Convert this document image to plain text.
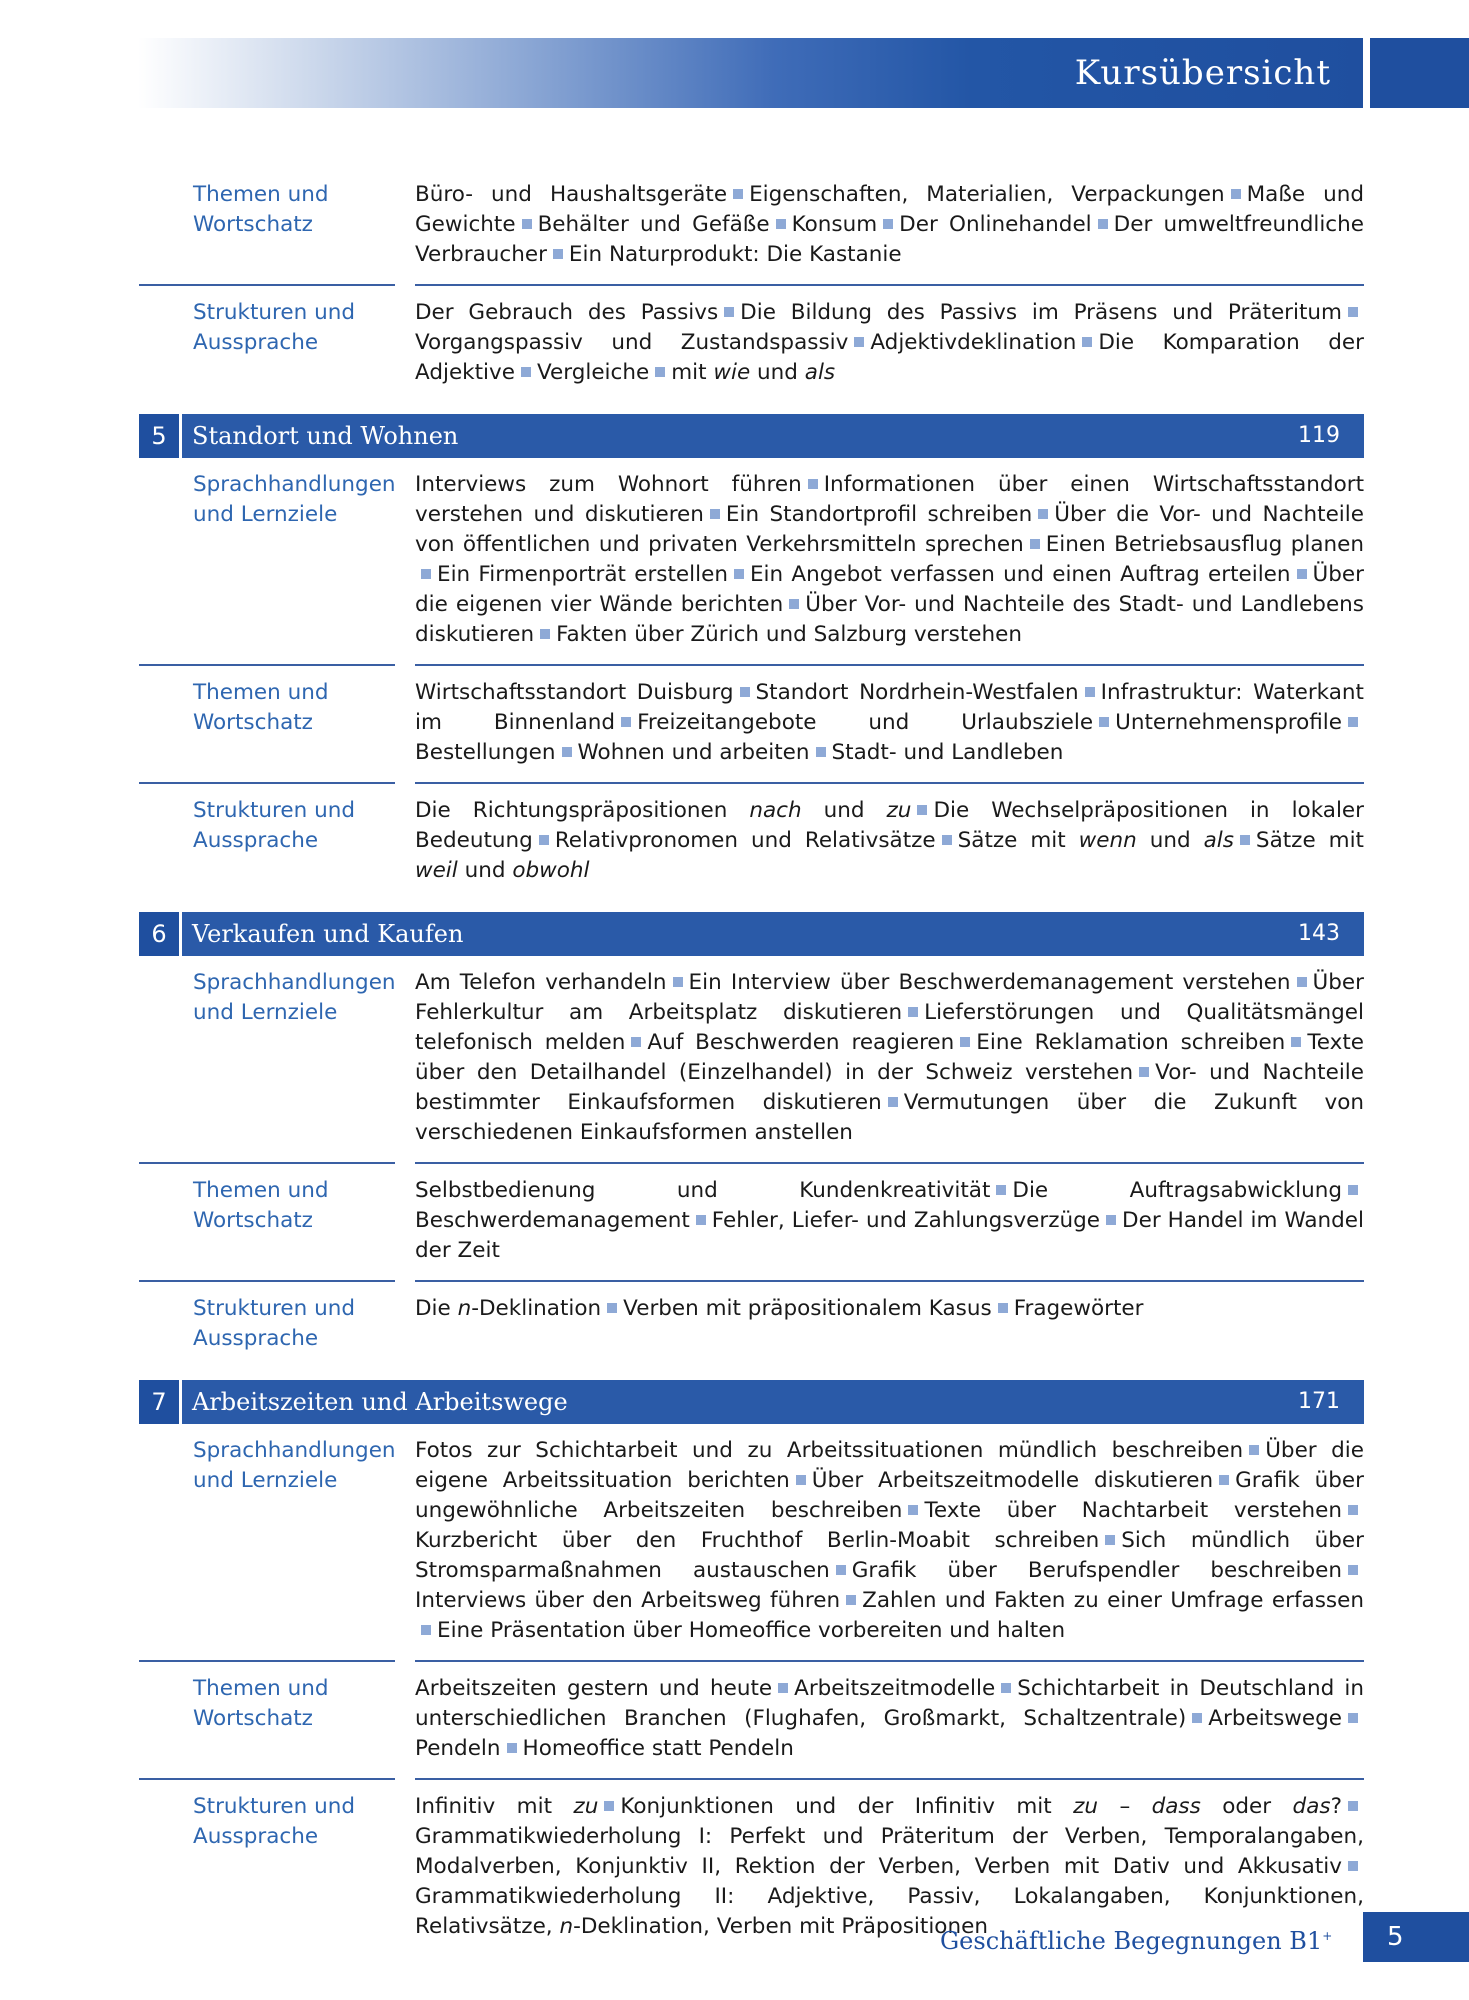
Kursübersicht
Themen und
Wortschatz
Büro- und Haushaltsgeräte Eigenschaften, Materialien, Verpackungen Maße und Gewichte Behälter und Gefäße Konsum Der Onlinehandel Der umweltfreundliche Verbraucher Ein Naturprodukt: Die Kastanie
Strukturen und
Aussprache
Der Gebrauch des Passivs Die Bildung des Passivs im Präsens und PräteritumVorgangspassiv und Zustandspassiv Adjektivdeklination Die Komparation der Adjektive Vergleiche mit wie und als
5	Standort und Wohnen	119
Sprachhandlungen
und Lernziele
Interviews zum Wohnort führen Informationen über einen Wirtschaftsstandort verstehen und diskutieren Ein Standortprofil schreiben Über die Vor- und Nachteile von öffentlichen und privaten Verkehrsmitteln sprechen Einen Betriebsausflug planenEin Firmenporträt erstellen Ein Angebot verfassen und einen Auftrag erteilen Über die eigenen vier Wände berichten Über Vor- und Nachteile des Stadt- und Landlebens diskutieren Fakten über Zürich und Salzburg verstehen
Themen und
Wortschatz
Wirtschaftsstandort Duisburg Standort Nordrhein-Westfalen Infrastruktur: Waterkant im Binnenland Freizeitangebote und Urlaubsziele UnternehmensprofileBestellungen Wohnen und arbeiten Stadt- und Landleben
Strukturen und
Aussprache
Die Richtungspräpositionen nach und zu Die Wechselpräpositionen in lokaler Bedeutung Relativpronomen und Relativsätze Sätze mit wenn und als Sätze mit weil und obwohl
6	Verkaufen und Kaufen	143
Sprachhandlungen
und Lernziele
Am Telefon verhandeln Ein Interview über Beschwerdemanagement verstehen Über Fehlerkultur am Arbeitsplatz diskutieren Lieferstörungen und Qualitätsmängel telefonisch melden Auf Beschwerden reagieren Eine Reklamation schreiben Texte über den Detailhandel (Einzelhandel) in der Schweiz verstehen Vor- und Nachteile bestimmter Einkaufsformen diskutieren Vermutungen über die Zukunft von verschiedenen Einkaufsformen anstellen
Themen und
Wortschatz
Selbstbedienung und Kundenkreativität Die AuftragsabwicklungBeschwerdemanagement Fehler, Liefer- und Zahlungsverzüge Der Handel im Wandel der Zeit
Strukturen und
Aussprache
Die n-Deklination Verben mit präpositionalem Kasus Fragewörter
7	Arbeitszeiten und Arbeitswege	171
Sprachhandlungen
und Lernziele
Fotos zur Schichtarbeit und zu Arbeitssituationen mündlich beschreiben Über die eigene Arbeitssituation berichten Über Arbeitszeitmodelle diskutieren Grafik über ungewöhnliche Arbeitszeiten beschreiben Texte über Nachtarbeit verstehenKurzbericht über den Fruchthof Berlin-Moabit schreiben Sich mündlich über Stromsparmaßnahmen austauschen Grafik über Berufspendler beschreibenInterviews über den Arbeitsweg führen Zahlen und Fakten zu einer Umfrage erfassenEine Präsentation über Homeoffice vorbereiten und halten
Themen und
Wortschatz
Arbeitszeiten gestern und heute Arbeitszeitmodelle Schichtarbeit in Deutschland in unterschiedlichen Branchen (Flughafen, Großmarkt, Schaltzentrale) ArbeitswegePendeln Homeoffice statt Pendeln
Strukturen und
Aussprache
Infinitiv mit zu Konjunktionen und der Infinitiv mit zu – dass oder das?Grammatikwiederholung I: Perfekt und Präteritum der Verben, Temporalangaben, Modalverben, Konjunktiv II, Rektion der Verben, Verben mit Dativ und AkkusativGrammatikwiederholung II: Adjektive, Passiv, Lokalangaben, Konjunktionen, Relativsätze, n-Deklination, Verben mit Präpositionen
Geschäftliche Begegnungen B1+	5
